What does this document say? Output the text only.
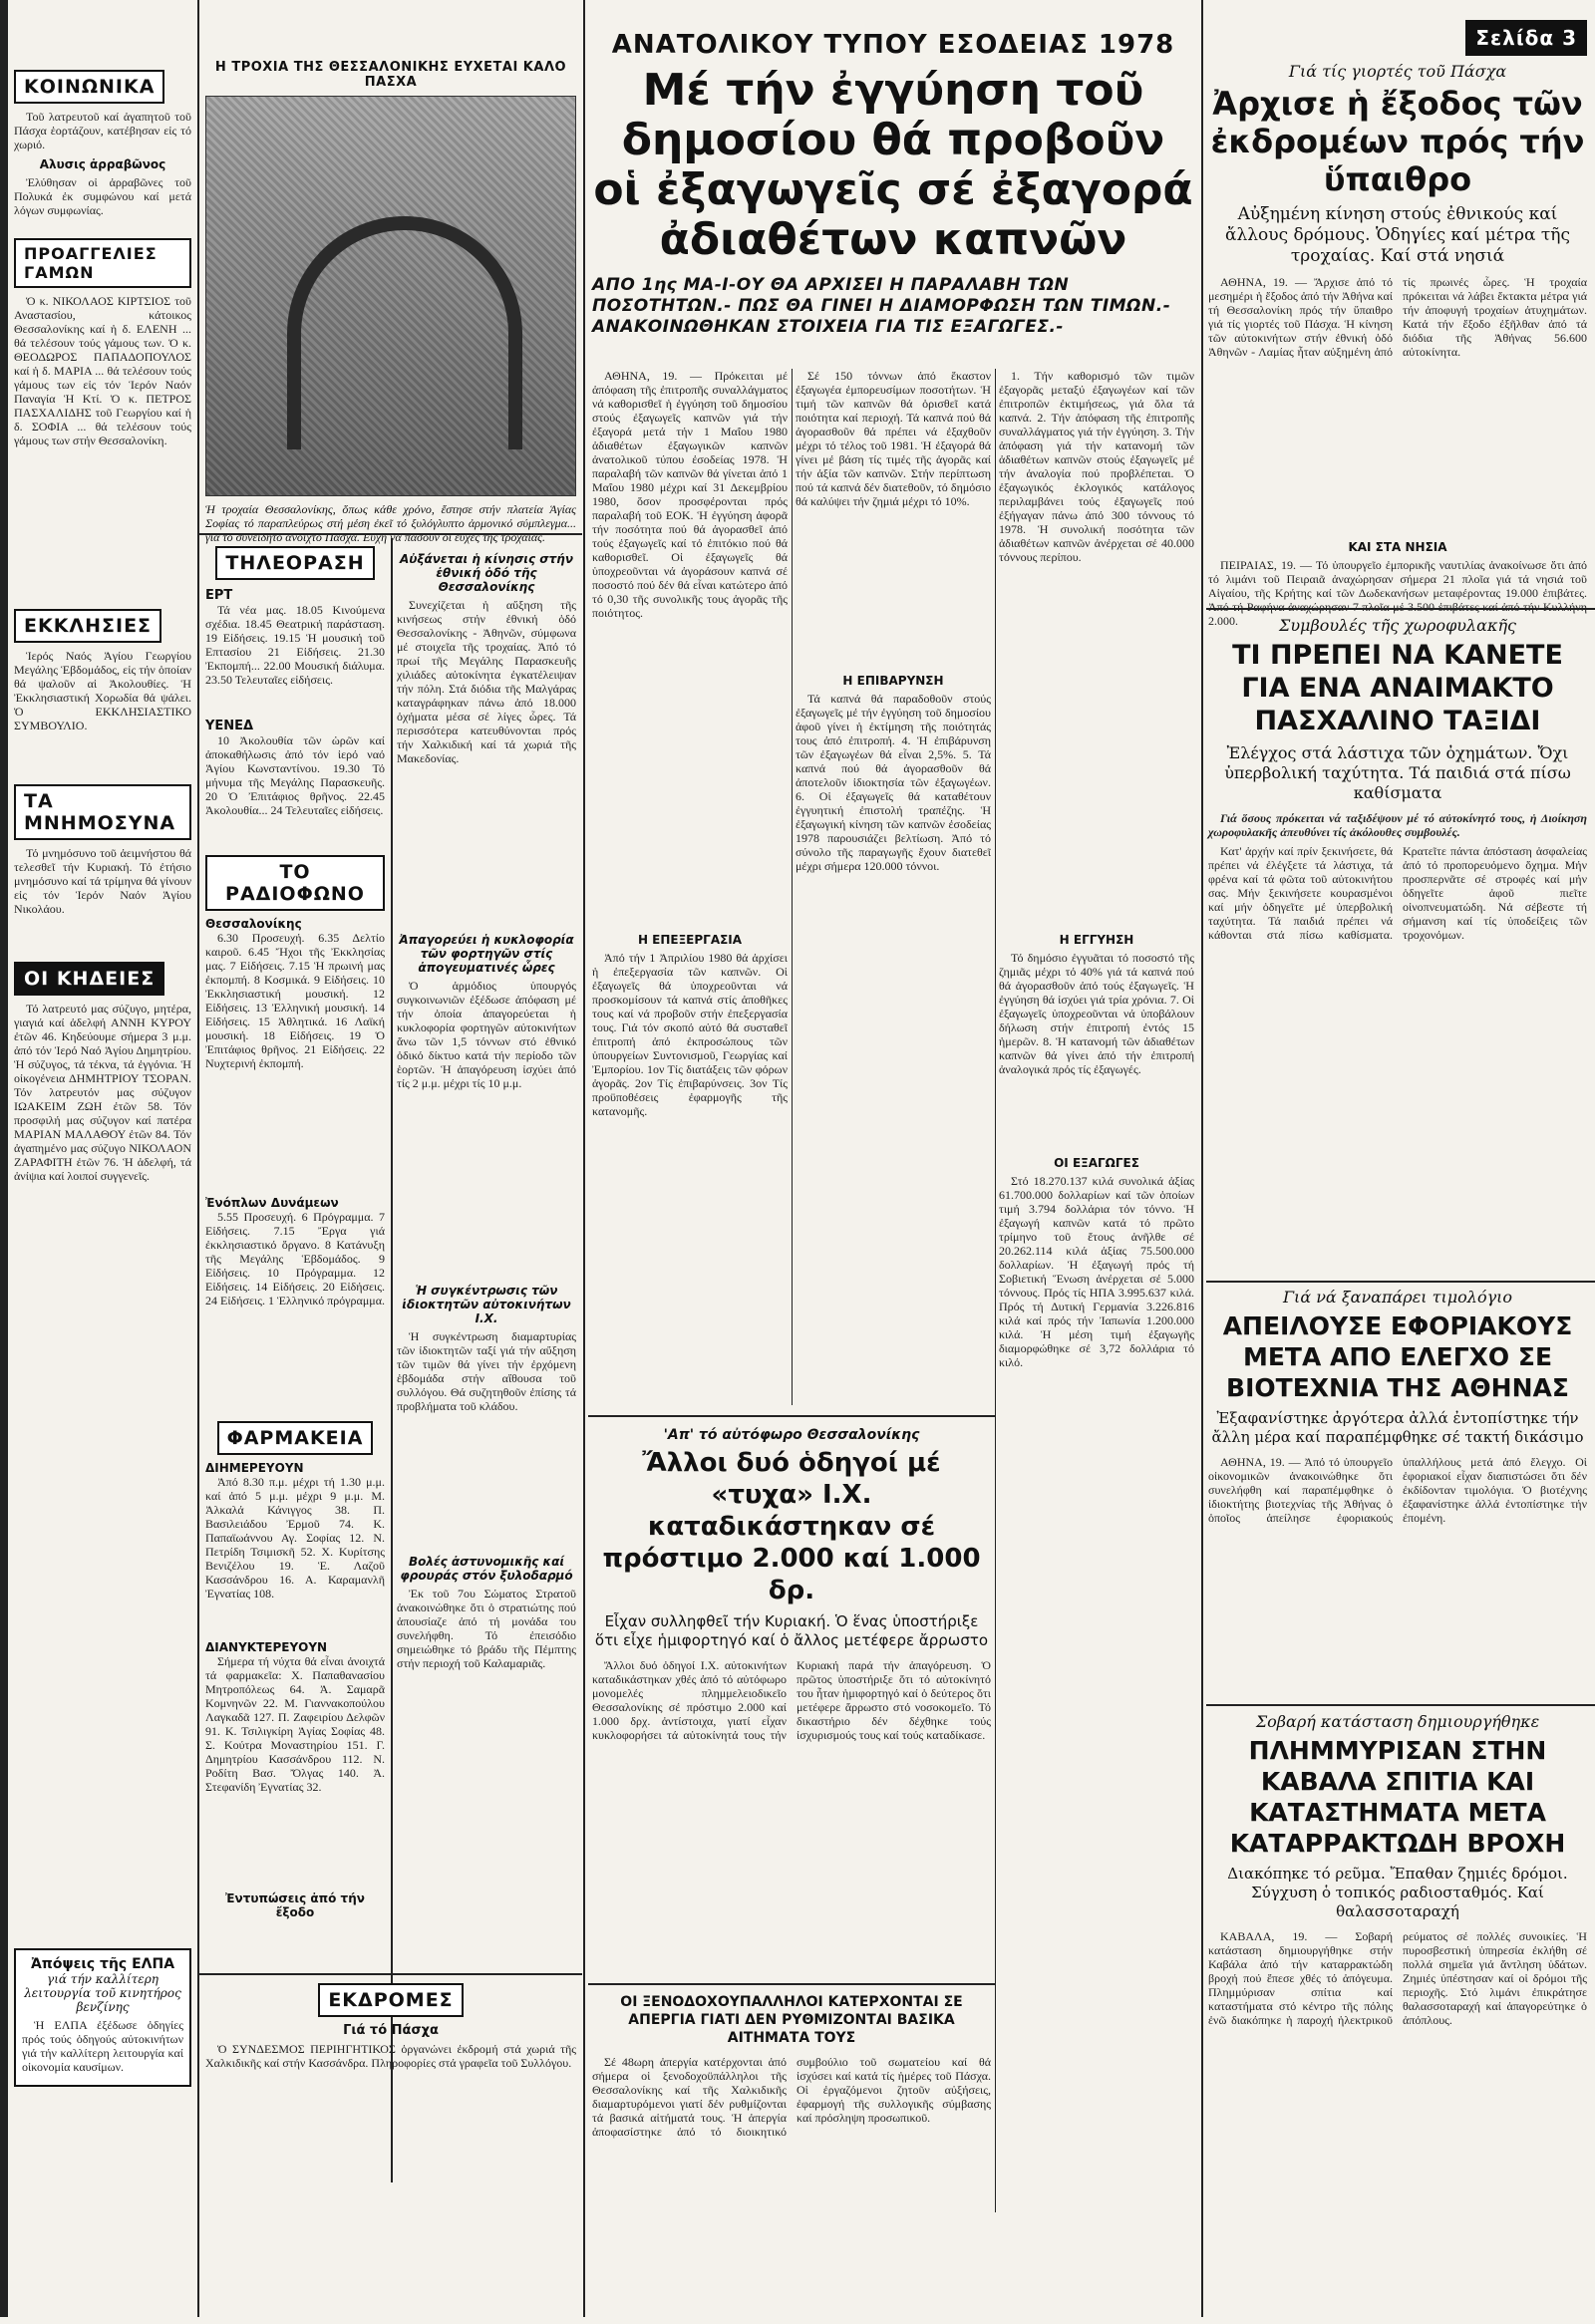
ΚΟΙΝΩΝΙΚΑ

Τοῦ λατρευτοῦ καί ἀγαπητοῦ τοῦ Πάσχα ἑορτάζουν, κατέβησαν εἰς τό χωριό.

Αλυσις ἀρραβῶνος

Ἐλύθησαν οἱ ἀρραβῶνες τοῦ Πολυκά ἐκ συμφώνου καί μετά λόγων συμφωνίας.

ΠΡΟΑΓΓΕΛΙΕΣ ΓΑΜΩΝ

Ὁ κ. ΝΙΚΟΛΑΟΣ ΚΙΡΤΣΙΟΣ τοῦ Αναστασίου, κάτοικος Θεσσαλονίκης καί ἡ δ. ΕΛΕΝΗ ... θά τελέσουν τούς γάμους των. Ὁ κ. ΘΕΟΔΩΡΟΣ ΠΑΠΑΔΟΠΟΥΛΟΣ καί ἡ δ. ΜΑΡΙΑ ... θά τελέσουν τούς γάμους των εἰς τόν Ἱερόν Ναόν Παναγία Ἡ Κτί. Ὁ κ. ΠΕΤΡΟΣ ΠΑΣΧΑΛΙΔΗΣ τοῦ Γεωργίου καί ἡ δ. ΣΟΦΙΑ ... θά τελέσουν τούς γάμους των στήν Θεσσαλονίκη.

ΕΚΚΛΗΣΙΕΣ

Ἱερός Ναός Ἁγίου Γεωργίου Μεγάλης Ἑβδομάδος, εἰς τήν ὁποίαν θά ψαλοῦν αἱ Ἀκολουθίες. Ἡ Ἐκκλησιαστική Χορωδία θά ψάλει. Ὁ ΕΚΚΛΗΣΙΑΣΤΙΚΟ ΣΥΜΒΟΥΛΙΟ.

ΤΑ ΜΝΗΜΟΣΥΝΑ

Τό μνημόσυνο τοῦ ἀειμνήστου θά τελεσθεῖ τήν Κυριακή. Τό ἐτήσιο μνημόσυνο καί τά τρίμηνα θά γίνουν εἰς τόν Ἱερόν Ναόν Ἁγίου Νικολάου.

ΟΙ ΚΗΔΕΙΕΣ

Τό λατρευτό μας σύζυγο, μητέρα, γιαγιά καί ἀδελφή ΑΝΝΗ ΚΥΡΟΥ ἐτῶν 46. Κηδεύουμε σήμερα 3 μ.μ. ἀπό τόν Ἱερό Ναό Ἁγίου Δημητρίου. Ἡ σύζυγος, τά τέκνα, τά ἐγγόνια. Ἡ οἰκογένεια ΔΗΜΗΤΡΙΟΥ ΤΣΟΡΑΝ. Τόν λατρευτόν μας σύζυγον ΙΩΑΚΕΙΜ ΖΩΗ ἐτῶν 58. Τόν προσφιλή μας σύζυγον καί πατέρα ΜΑΡΙΑΝ ΜΑΛΑΘΟΥ ἐτῶν 84. Τόν ἀγαπημένο μας σύζυγο ΝΙΚΟΛΑΟΝ ΖΑΡΑΦΙΤΗ ἐτῶν 76. Ἡ ἀδελφή, τά ἀνίψια καί λοιποί συγγενεῖς.

Ἀπόψεις τῆς ΕΛΠΑ
γιά τήν καλλίτερη λειτουργία τοῦ κινητήρος βενζίνης

Ἡ ΕΛΠΑ ἐξέδωσε ὁδηγίες πρός τούς ὁδηγούς αὐτοκινήτων γιά τήν καλλίτερη λειτουργία καί οἰκονομία καυσίμων.

Η ΤΡΟΧΙΑ ΤΗΣ ΘΕΣΣΑΛΟΝΙΚΗΣ ΕΥΧΕΤΑΙ ΚΑΛΟ ΠΑΣΧΑ
Ἡ τροχαία Θεσσαλονίκης, ὅπως κάθε χρόνο, ἔστησε στήν πλατεία Ἁγίας Σοφίας τό παραπλεύρως στή μέση ἐκεῖ τό ξυλόγλυπτο ἁρμονικό σύμπλεγμα... γιά τό συνειδητό ἀνοιχτό Πάσχα. Εὐχή νά πάσουν οἱ εὐχές τῆς τροχαίας.
ΤΗΛΕΟΡΑΣΗ
ΕΡΤ

Τά νέα μας. 18.05 Κινούμενα σχέδια. 18.45 Θεατρική παράσταση. 19 Εἰδήσεις. 19.15 Ἡ μουσική τοῦ Επτασίου 21 Εἰδήσεις. 21.30 Ἐκπομπή... 22.00 Μουσική διάλυμα. 23.50 Τελευταῖες εἰδήσεις.

ΥΕΝΕΔ

10 Ἀκολουθία τῶν ὡρῶν καί ἀποκαθήλωσις ἀπό τόν ἱερό ναό Ἁγίου Κωνσταντίνου. 19.30 Τό μήνυμα τῆς Μεγάλης Παρασκευῆς. 20 Ὁ Ἐπιτάφιος θρῆνος. 22.45 Ἀκολουθία... 24 Τελευταῖες εἰδήσεις.

ΤΟ ΡΑΔΙΟΦΩΝΟ
Θεσσαλονίκης

6.30 Προσευχή. 6.35 Δελτίο καιροῦ. 6.45 Ἤχοι τῆς Ἐκκλησίας μας. 7 Εἰδήσεις. 7.15 Ἡ πρωινή μας ἐκπομπή. 8 Κοσμικά. 9 Εἰδήσεις. 10 Ἐκκλησιαστική μουσική. 12 Εἰδήσεις. 13 Ἐλληνική μουσική. 14 Εἰδήσεις. 15 Ἀθλητικά. 16 Λαϊκή μουσική. 18 Εἰδήσεις. 19 Ὁ Ἐπιτάφιος θρῆνος. 21 Εἰδήσεις. 22 Νυχτερινή ἐκπομπή.

Ἐνόπλων Δυνάμεων

5.55 Προσευχή. 6 Πρόγραμμα. 7 Εἰδήσεις. 7.15 Ἔργα γιά ἐκκλησιαστικό ὄργανο. 8 Κατάνυξη τῆς Μεγάλης Ἑβδομάδος. 9 Εἰδήσεις. 10 Πρόγραμμα. 12 Εἰδήσεις. 14 Εἰδήσεις. 20 Εἰδήσεις. 24 Εἰδήσεις. 1 Ἑλληνικό πρόγραμμα.

ΦΑΡΜΑΚΕΙΑ
ΔΙΗΜΕΡΕΥΟΥΝ

Ἀπό 8.30 π.μ. μέχρι τή 1.30 μ.μ. καί ἀπό 5 μ.μ. μέχρι 9 μ.μ. Μ. Ἀλκαλά Κάνιγγος 38. Π. Βασιλειάδου Ἐρμοῦ 74. Κ. Παπαϊωάννου Αγ. Σοφίας 12. Ν. Πετρίδη Τσιμισκῆ 52. Χ. Κυρίτσης Βενιζέλου 19. Ἑ. Λαζοῦ Κασσάνδρου 16. Α. Καραμανλῆ Ἐγνατίας 108.

ΔΙΑΝΥΚΤΕΡΕΥΟΥΝ

Σήμερα τή νύχτα θά εἶναι ἀνοιχτά τά φαρμακεῖα: Χ. Παπαθανασίου Μητροπόλεως 64. Ἀ. Σαμαρᾶ Κομνηνῶν 22. Μ. Γιαννακοπούλου Λαγκαδᾶ 127. Π. Ζαφειρίου Δελφῶν 91. Κ. Τσιλιγκίρη Ἀγίας Σοφίας 48. Σ. Κούτρα Μοναστηρίου 151. Γ. Δημητρίου Κασσάνδρου 112. Ν. Ροδίτη Βασ. Ὄλγας 140. Ἀ. Στεφανίδη Ἐγνατίας 32.

Ἐντυπώσεις ἀπό τήν ἔξοδο
Αὐξάνεται ἡ κίνησις στήν ἐθνική ὁδό τῆς Θεσσαλονίκης

Συνεχίζεται ἡ αὔξηση τῆς κινήσεως στήν ἐθνική ὁδό Θεσσαλονίκης - Ἀθηνῶν, σύμφωνα μέ στοιχεῖα τῆς τροχαίας. Ἀπό τό πρωί τῆς Μεγάλης Παρασκευῆς χιλιάδες αὐτοκίνητα ἐγκατέλειψαν τήν πόλη. Στά διόδια τῆς Μαλγάρας καταγράφηκαν πάνω ἀπό 18.000 ὀχήματα μέσα σέ λίγες ὧρες. Τά περισσότερα κατευθύνονται πρός τήν Χαλκιδική καί τά χωριά τῆς Μακεδονίας.

Ἀπαγορεύει ἡ κυκλοφορία τῶν φορτηγῶν στίς ἀπογευματινές ὧρες

Ὁ ἀρμόδιος ὑπουργός συγκοινωνιῶν ἐξέδωσε ἀπόφαση μέ τήν ὁποία ἀπαγορεύεται ἡ κυκλοφορία φορτηγῶν αὐτοκινήτων ἄνω τῶν 1,5 τόννων στό ἐθνικό ὁδικό δίκτυο κατά τήν περίοδο τῶν ἑορτῶν. Ἡ ἀπαγόρευση ἰσχύει ἀπό τίς 2 μ.μ. μέχρι τίς 10 μ.μ.

Ἡ συγκέντρωσις τῶν ἰδιοκτητῶν αὐτοκινήτων Ι.Χ.

Ἡ συγκέντρωση διαμαρτυρίας τῶν ἰδιοκτητῶν ταξί γιά τήν αὔξηση τῶν τιμῶν θά γίνει τήν ἐρχόμενη ἑβδομάδα στήν αἴθουσα τοῦ συλλόγου. Θά συζητηθοῦν ἐπίσης τά προβλήματα τοῦ κλάδου.

Βολές ἀστυνομικῆς καί φρουράς στόν ξυλοδαρμό

Ἐκ τοῦ 7ου Σώματος Στρατοῦ ἀνακοινώθηκε ὅτι ὁ στρατιώτης πού ἀπουσίαζε ἀπό τή μονάδα του συνελήφθη. Τό ἐπεισόδιο σημειώθηκε τό βράδυ τῆς Πέμπτης στήν περιοχή τοῦ Καλαμαριᾶς.

ΕΚΔΡΟΜΕΣ
Γιά τό Πάσχα

Ὁ ΣΥΝΔΕΣΜΟΣ ΠΕΡΙΗΓΗΤΙΚΟΣ ὀργανώνει ἐκδρομή στά χωριά τῆς Χαλκιδικῆς καί στήν Κασσάνδρα. Πληροφορίες στά γραφεῖα τοῦ Συλλόγου.

ΑΝΑΤΟΛΙΚΟΥ ΤΥΠΟΥ ΕΣΟΔΕΙΑΣ 1978
Μέ τήν ἐγγύηση τοῦ δημοσίου θά προβοῦν οἱ ἐξαγωγεῖς σέ ἐξαγορά ἀδιαθέτων καπνῶν
ΑΠΟ 1ης ΜΑ-Ι-ΟΥ ΘΑ ΑΡΧΙΣΕΙ Η ΠΑΡΑΛΑΒΗ ΤΩΝ ΠΟΣΟΤΗΤΩΝ.- ΠΩΣ ΘΑ ΓΙΝΕΙ Η ΔΙΑΜΟΡΦΩΣΗ ΤΩΝ ΤΙΜΩΝ.- ΑΝΑΚΟΙΝΩΘΗΚΑΝ ΣΤΟΙΧΕΙΑ ΓΙΑ ΤΙΣ ΕΞΑΓΩΓΕΣ.-

ΑΘΗΝΑ, 19. — Πρόκειται μέ ἀπόφαση τῆς ἐπιτροπῆς συναλλάγματος νά καθορισθεῖ ἡ ἐγγύηση τοῦ δημοσίου στούς ἐξαγωγεῖς καπνῶν γιά τήν ἐξαγορά μετά τήν 1 Μαΐου 1980 ἀδιαθέτων ἐξαγωγικῶν καπνῶν ἀνατολικοῦ τύπου ἐσοδείας 1978. Ἡ παραλαβή τῶν καπνῶν θά γίνεται ἀπό 1 Μαΐου 1980 μέχρι καί 31 Δεκεμβρίου 1980, ὅσον προσφέρονται πρός παραλαβή τοῦ ΕΟΚ. Ἡ ἐγγύηση ἀφορᾶ τήν ποσότητα πού θά ἀγορασθεῖ ἀπό τούς ἐξαγωγεῖς καί τό ἐπιτόκιο πού θά καθορισθεῖ. Οἱ ἐξαγωγεῖς θά ὑποχρεοῦνται νά ἀγοράσουν καπνά σέ ποσοστό πού δέν θά εἶναι κατώτερο ἀπό τό 0,30 τῆς συνολικῆς τους ἀγορᾶς τῆς ποιότητος.

Η ΕΠΕΞΕΡΓΑΣΙΑ

Ἀπό τήν 1 Ἀπριλίου 1980 θά ἀρχίσει ἡ ἐπεξεργασία τῶν καπνῶν. Οἱ ἐξαγωγεῖς θά ὑποχρεοῦνται νά προσκομίσουν τά καπνά στίς ἀποθῆκες τους καί νά προβοῦν στήν ἐπεξεργασία τους. Γιά τόν σκοπό αὐτό θά συσταθεῖ ἐπιτροπή ἀπό ἐκπροσώπους τῶν ὑπουργείων Συντονισμοῦ, Γεωργίας καί Ἐμπορίου. 1ον Τίς διατάξεις τῶν φόρων ἀγορᾶς. 2ον Τίς ἐπιβαρύνσεις. 3ον Τίς προϋποθέσεις ἐφαρμογῆς τῆς κατανομῆς.

Σέ 150 τόννων ἀπό ἕκαστον ἐξαγωγέα ἐμπορευσίμων ποσοτήτων. Ἡ τιμή τῶν καπνῶν θά ὁρισθεῖ κατά ποιότητα καί περιοχή. Τά καπνά πού θά ἀγορασθοῦν θά πρέπει νά ἐξαχθοῦν μέχρι τό τέλος τοῦ 1981. Ἡ ἐξαγορά θά γίνει μέ βάση τίς τιμές τῆς ἀγορᾶς καί τήν ἀξία τῶν καπνῶν. Στήν περίπτωση πού τά καπνά δέν διατεθοῦν, τό δημόσιο θά καλύψει τήν ζημιά μέχρι τό 10%.

Η ΕΠΙΒΑΡΥΝΣΗ

Τά καπνά θά παραδοθοῦν στούς ἐξαγωγεῖς μέ τήν ἐγγύηση τοῦ δημοσίου ἀφοῦ γίνει ἡ ἐκτίμηση τῆς ποιότητάς τους ἀπό ἐπιτροπή. 4. Ἡ ἐπιβάρυνση τῶν ἐξαγωγέων θά εἶναι 2,5%. 5. Τά καπνά πού θά ἀγορασθοῦν θά ἀποτελοῦν ἰδιοκτησία τῶν ἐξαγωγέων. 6. Οἱ ἐξαγωγεῖς θά καταθέτουν ἐγγυητική ἐπιστολή τραπέζης. Ἡ ἐξαγωγική κίνηση τῶν καπνῶν ἐσοδείας 1978 παρουσιάζει βελτίωση. Ἀπό τό σύνολο τῆς παραγωγῆς ἔχουν διατεθεῖ μέχρι σήμερα 120.000 τόννοι.

1. Τήν καθορισμό τῶν τιμῶν ἐξαγορᾶς μεταξύ ἐξαγωγέων καί τῶν ἐπιτροπῶν ἐκτιμήσεως, γιά ὅλα τά καπνά. 2. Τήν ἀπόφαση τῆς ἐπιτροπῆς συναλλάγματος γιά τήν ἐγγύηση. 3. Τήν ἀπόφαση γιά τήν κατανομή τῶν ἀδιαθέτων καπνῶν στούς ἐξαγωγεῖς μέ τήν ἀναλογία πού προβλέπεται. Ὁ ἐξαγωγικός ἐκλογικός κατάλογος περιλαμβάνει τούς ἐξαγωγεῖς πού ἐξήγαγαν πάνω ἀπό 300 τόννους τό 1978. Ἡ συνολική ποσότητα τῶν ἀδιαθέτων καπνῶν ἀνέρχεται σέ 40.000 τόννους περίπου.

Η ΕΓΓΥΗΣΗ

Τό δημόσιο ἐγγυᾶται τό ποσοστό τῆς ζημιᾶς μέχρι τό 40% γιά τά καπνά πού θά ἀγορασθοῦν ἀπό τούς ἐξαγωγεῖς. Ἡ ἐγγύηση θά ἰσχύει γιά τρία χρόνια. 7. Οἱ ἐξαγωγεῖς ὑποχρεοῦνται νά ὑποβάλουν δήλωση στήν ἐπιτροπή ἐντός 15 ἡμερῶν. 8. Ἡ κατανομή τῶν ἀδιαθέτων καπνῶν θά γίνει ἀπό τήν ἐπιτροπή ἀναλογικά πρός τίς ἐξαγωγές.

ΟΙ ΕΞΑΓΩΓΕΣ

Στό 18.270.137 κιλά συνολικά ἀξίας 61.700.000 δολλαρίων καί τῶν ὁποίων τιμή 3.794 δολλάρια τόν τόννο. Ἡ ἐξαγωγή καπνῶν κατά τό πρῶτο τρίμηνο τοῦ ἔτους ἀνῆλθε σέ 20.262.114 κιλά ἀξίας 75.500.000 δολλαρίων. Ἡ ἐξαγωγή πρός τή Σοβιετική Ἕνωση ἀνέρχεται σέ 5.000 τόννους. Πρός τίς ΗΠΑ 3.995.637 κιλά. Πρός τή Δυτική Γερμανία 3.226.816 κιλά καί πρός τήν Ἰαπωνία 1.200.000 κιλά. Ἡ μέση τιμή ἐξαγωγῆς διαμορφώθηκε σέ 3,72 δολλάρια τό κιλό.

'Απ' τό αὐτόφωρο Θεσσαλονίκης
Ἄλλοι δυό ὁδηγοί μέ «τυχα» Ι.Χ. καταδικάστηκαν σέ πρόστιμο 2.000 καί 1.000 δρ.
Εἶχαν συλληφθεῖ τήν Κυριακή. Ὁ ἕνας ὑποστήριξε ὅτι εἶχε ἡμιφορτηγό καί ὁ ἄλλος μετέφερε ἄρρωστο

Ἄλλοι δυό ὁδηγοί Ι.Χ. αὐτοκινήτων καταδικάστηκαν χθές ἀπό τό αὐτόφωρο μονομελές πλημμελειοδικεῖο Θεσσαλονίκης σέ πρόστιμο 2.000 καί 1.000 δρχ. ἀντίστοιχα, γιατί εἶχαν κυκλοφορήσει τά αὐτοκίνητά τους τήν Κυριακή παρά τήν ἀπαγόρευση. Ὁ πρῶτος ὑποστήριξε ὅτι τό αὐτοκίνητό του ἦταν ἡμιφορτηγό καί ὁ δεύτερος ὅτι μετέφερε ἄρρωστο στό νοσοκομεῖο. Τό δικαστήριο δέν δέχθηκε τούς ἰσχυρισμούς τους καί τούς καταδίκασε.

ΟΙ ΞΕΝΟΔΟΧΟΥΠΑΛΛΗΛΟΙ ΚΑΤΕΡΧΟΝΤΑΙ ΣΕ ΑΠΕΡΓΙΑ ΓΙΑΤΙ ΔΕΝ ΡΥΘΜΙΖΟΝΤΑΙ ΒΑΣΙΚΑ ΑΙΤΗΜΑΤΑ ΤΟΥΣ

Σέ 48ωρη ἀπεργία κατέρχονται ἀπό σήμερα οἱ ξενοδοχοϋπάλληλοι τῆς Θεσσαλονίκης καί τῆς Χαλκιδικῆς διαμαρτυρόμενοι γιατί δέν ρυθμίζονται τά βασικά αἰτήματά τους. Ἡ ἀπεργία ἀποφασίστηκε ἀπό τό διοικητικό συμβούλιο τοῦ σωματείου καί θά ἰσχύσει καί κατά τίς ἡμέρες τοῦ Πάσχα. Οἱ ἐργαζόμενοι ζητοῦν αὐξήσεις, ἐφαρμογή τῆς συλλογικῆς σύμβασης καί πρόσληψη προσωπικοῦ.

Σελίδα 3
Γιά τίς γιορτές τοῦ Πάσχα
Ἀρχισε ἡ ἔξοδος τῶν ἐκδρομέων πρός τήν ὕπαιθρο
Αὐξημένη κίνηση στούς ἐθνικούς καί ἄλλους δρόμους. Ὁδηγίες καί μέτρα τῆς τροχαίας. Καί στά νησιά

ΑΘΗΝΑ, 19. — Ἄρχισε ἀπό τό μεσημέρι ἡ ἔξοδος ἀπό τήν Ἀθήνα καί τή Θεσσαλονίκη πρός τήν ὕπαιθρο γιά τίς γιορτές τοῦ Πάσχα. Ἡ κίνηση τῶν αὐτοκινήτων στήν ἐθνική ὁδό Ἀθηνῶν - Λαμίας ἦταν αὐξημένη ἀπό τίς πρωινές ὧρες. Ἡ τροχαία πρόκειται νά λάβει ἔκτακτα μέτρα γιά τήν ἀποφυγή τροχαίων ἀτυχημάτων. Κατά τήν ἔξοδο ἐξῆλθαν ἀπό τά διόδια τῆς Ἀθήνας 56.600 αὐτοκίνητα.

ΚΑΙ ΣΤΑ ΝΗΣΙΑ

ΠΕΙΡΑΙΑΣ, 19. — Τό ὑπουργεῖο ἐμπορικῆς ναυτιλίας ἀνακοίνωσε ὅτι ἀπό τό λιμάνι τοῦ Πειραιᾶ ἀναχώρησαν σήμερα 21 πλοῖα γιά τά νησιά τοῦ Αἰγαίου, τῆς Κρήτης καί τῶν Δωδεκανήσων μεταφέροντας 19.000 ἐπιβάτες. Ἀπό τή Ραφήνα ἀναχώρησαν 7 πλοῖα μέ 3.500 ἐπιβάτες καί ἀπό τήν Κυλλήνη 2.000.	Συμβουλές τῆς χωροφυλακῆς
ΤΙ ΠΡΕΠΕΙ ΝΑ ΚΑΝΕΤΕ ΓΙΑ ΕΝΑ ΑΝΑΙΜΑΚΤΟ ΠΑΣΧΑΛΙΝΟ ΤΑΞΙΔΙ
Ἐλέγχος στά λάστιχα τῶν ὀχημάτων. Ὄχι ὑπερβολική ταχύτητα. Τά παιδιά στά πίσω καθίσματα

Γιά ὅσους πρόκειται νά ταξιδέψουν μέ τό αὐτοκίνητό τους, ἡ Διοίκηση χωροφυλακῆς ἀπευθύνει τίς ἀκόλουθες συμβουλές.

Κατ' ἀρχήν καί πρίν ξεκινήσετε, θά πρέπει νά ἐλέγξετε τά λάστιχα, τά φρένα καί τά φῶτα τοῦ αὐτοκινήτου σας. Μήν ξεκινήσετε κουρασμένοι καί μήν ὁδηγεῖτε μέ ὑπερβολική ταχύτητα. Τά παιδιά πρέπει νά κάθονται στά πίσω καθίσματα. Κρατεῖτε πάντα ἀπόσταση ἀσφαλείας ἀπό τό προπορευόμενο ὄχημα. Μήν προσπερνᾶτε σέ στροφές καί μήν ὁδηγεῖτε ἀφοῦ πιεῖτε οἰνοπνευματώδη. Νά σέβεστε τή σήμανση καί τίς ὑποδείξεις τῶν τροχονόμων.

Γιά νά ξαναπάρει τιμολόγιο
ΑΠΕΙΛΟΥΣΕ ΕΦΟΡΙΑΚΟΥΣ ΜΕΤΑ ΑΠΟ ΕΛΕΓΧΟ ΣΕ ΒΙΟΤΕΧΝΙΑ ΤΗΣ ΑΘΗΝΑΣ
Ἐξαφανίστηκε ἀργότερα ἀλλά ἐντοπίστηκε τήν ἄλλη μέρα καί παραπέμφθηκε σέ τακτή δικάσιμο

ΑΘΗΝΑ, 19. — Ἀπό τό ὑπουργεῖο οἰκονομικῶν ἀνακοινώθηκε ὅτι συνελήφθη καί παραπέμφθηκε ὁ ἰδιοκτήτης βιοτεχνίας τῆς Ἀθήνας ὁ ὁποῖος ἀπείλησε ἐφοριακούς ὑπαλλήλους μετά ἀπό ἔλεγχο. Οἱ ἐφοριακοί εἶχαν διαπιστώσει ὅτι δέν ἐκδίδονταν τιμολόγια. Ὁ βιοτέχνης ἐξαφανίστηκε ἀλλά ἐντοπίστηκε τήν ἐπομένη.

Σοβαρή κατάσταση δημιουργήθηκε
ΠΛΗΜΜΥΡΙΣΑΝ ΣΤΗΝ ΚΑΒΑΛΑ ΣΠΙΤΙΑ ΚΑΙ ΚΑΤΑΣΤΗΜΑΤΑ ΜΕΤΑ ΚΑΤΑΡΡΑΚΤΩΔΗ ΒΡΟΧΗ
Διακόπηκε τό ρεῦμα. Ἔπαθαν ζημιές δρόμοι. Σύγχυση ὁ τοπικός ραδιοσταθμός. Καί θαλασσοταραχή

ΚΑΒΑΛΑ, 19. — Σοβαρή κατάσταση δημιουργήθηκε στήν Καβάλα ἀπό τήν καταρρακτώδη βροχή πού ἔπεσε χθές τό ἀπόγευμα. Πλημμύρισαν σπίτια καί καταστήματα στό κέντρο τῆς πόλης ἐνῶ διακόπηκε ἡ παροχή ἠλεκτρικοῦ ρεύματος σέ πολλές συνοικίες. Ἡ πυροσβεστική ὑπηρεσία ἐκλήθη σέ πολλά σημεῖα γιά ἄντληση ὑδάτων. Ζημιές ὑπέστησαν καί οἱ δρόμοι τῆς περιοχῆς. Στό λιμάνι ἐπικράτησε θαλασσοταραχή καί ἀπαγορεύτηκε ὁ ἀπόπλους.
